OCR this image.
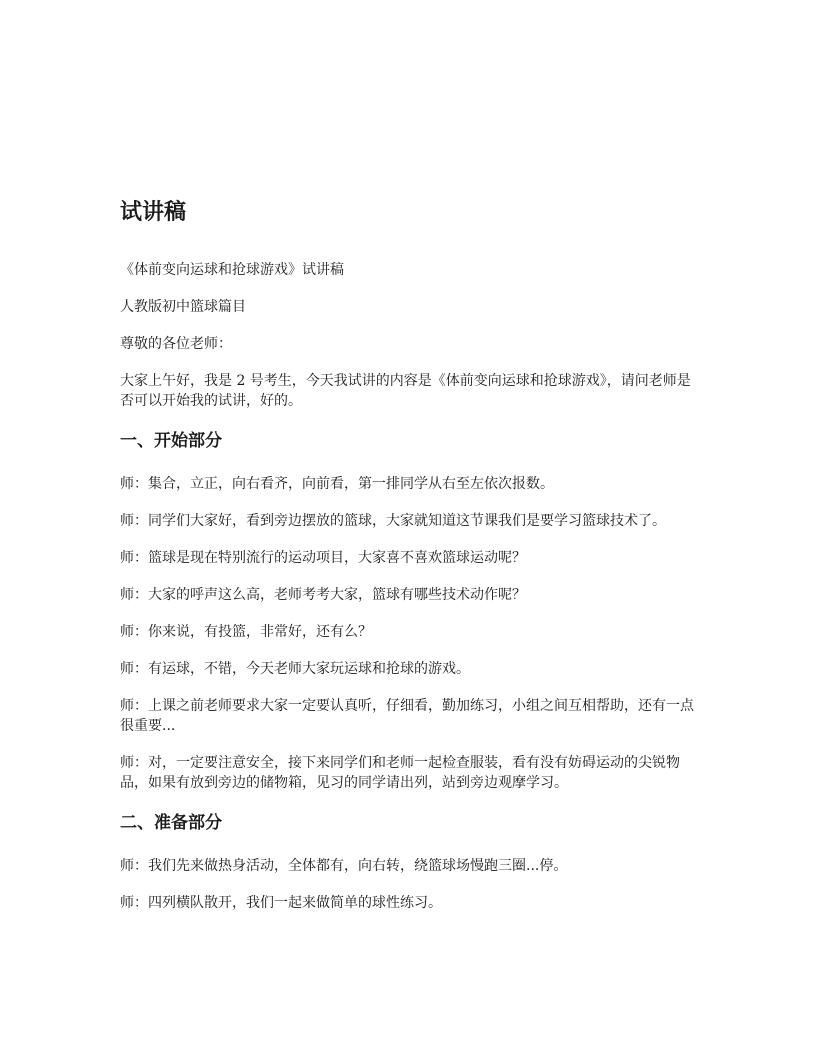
试讲稿

《体前变向运球和抢球游戏》试讲稿

人教版初中篮球篇目

尊敬的各位老师：

大家上午好，我是 2 号考生，今天我试讲的内容是《体前变向运球和抢球游戏》，请问老师是否可以开始我的试讲，好的。

一、开始部分

师：集合，立正，向右看齐，向前看，第一排同学从右至左依次报数。

师：同学们大家好，看到旁边摆放的篮球，大家就知道这节课我们是要学习篮球技术了。

师：篮球是现在特别流行的运动项目，大家喜不喜欢篮球运动呢？

师：大家的呼声这么高，老师考考大家，篮球有哪些技术动作呢？

师：你来说，有投篮，非常好，还有么？

师：有运球，不错，今天老师大家玩运球和抢球的游戏。

师：上课之前老师要求大家一定要认真听，仔细看，勤加练习，小组之间互相帮助，还有一点很重要...

师：对，一定要注意安全，接下来同学们和老师一起检查服装，看有没有妨碍运动的尖锐物品，如果有放到旁边的储物箱，见习的同学请出列，站到旁边观摩学习。

二、准备部分

师：我们先来做热身活动，全体都有，向右转，绕篮球场慢跑三圈...停。

师：四列横队散开，我们一起来做简单的球性练习。
